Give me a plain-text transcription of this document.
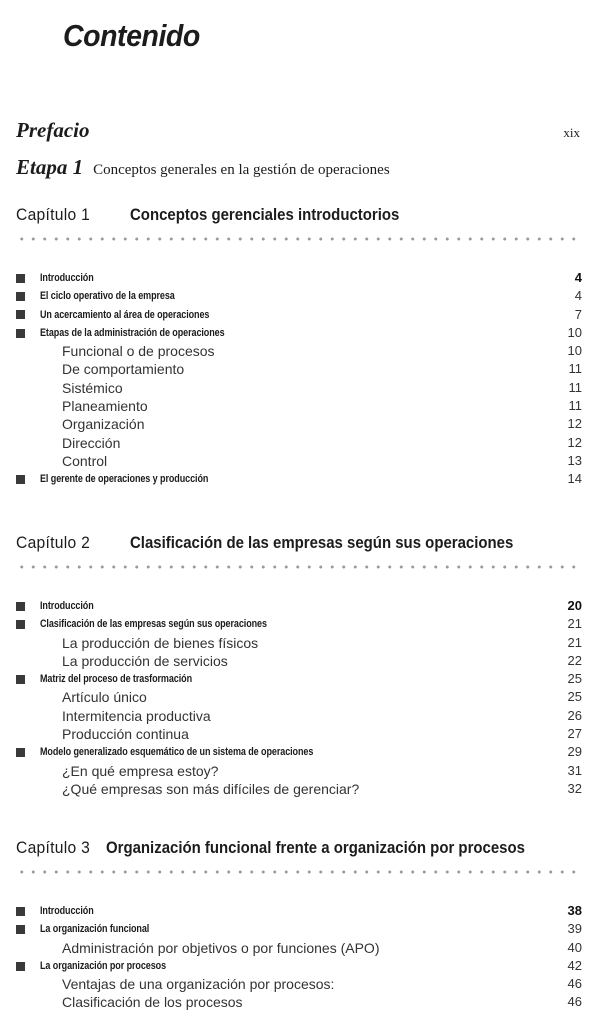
Contenido
Prefacio	xix
Etapa 1 Conceptos generales en la gestión de operaciones
Capítulo 1	Conceptos gerenciales introductorios
Introducción	4
El ciclo operativo de la empresa	4
Un acercamiento al área de operaciones	7
Etapas de la administración de operaciones	10
Funcional o de procesos	10
De comportamiento	11
Sistémico	11
Planeamiento	11
Organización	12
Dirección	12
Control	13
El gerente de operaciones y producción	14
Capítulo 2	Clasificación de las empresas según sus operaciones
Introducción	20
Clasificación de las empresas según sus operaciones	21
La producción de bienes físicos	21
La producción de servicios	22
Matriz del proceso de trasformación	25
Artículo único	25
Intermitencia productiva	26
Producción continua	27
Modelo generalizado esquemático de un sistema de operaciones	29
¿En qué empresa estoy?	31
¿Qué empresas son más difíciles de gerenciar?	32
Capítulo 3 Organización funcional frente a organización por procesos
Introducción	38
La organización funcional	39
Administración por objetivos o por funciones (APO)	40
La organización por procesos	42
Ventajas de una organización por procesos:	46
Clasificación de los procesos	46
